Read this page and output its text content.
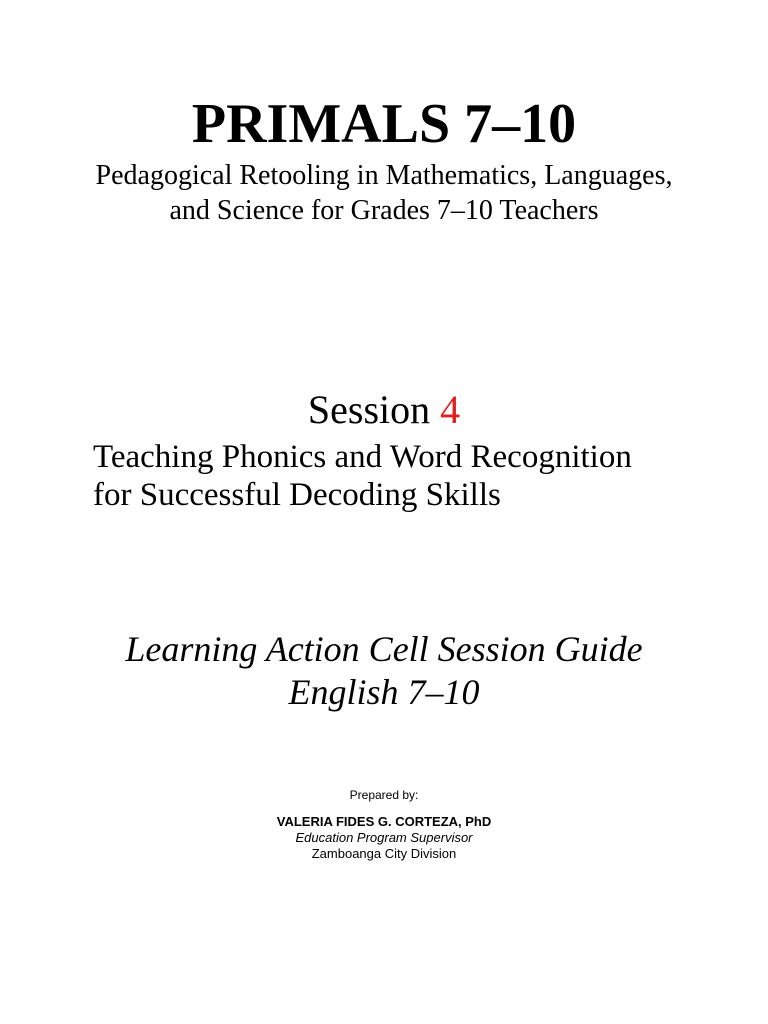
PRIMALS 7–10
Pedagogical Retooling in Mathematics, Languages,
and Science for Grades 7–10 Teachers
Session 4
Teaching Phonics and Word Recognition
for Successful Decoding Skills
Learning Action Cell Session Guide
English 7–10
Prepared by:
VALERIA FIDES G. CORTEZA, PhD
Education Program Supervisor
Zamboanga City Division
